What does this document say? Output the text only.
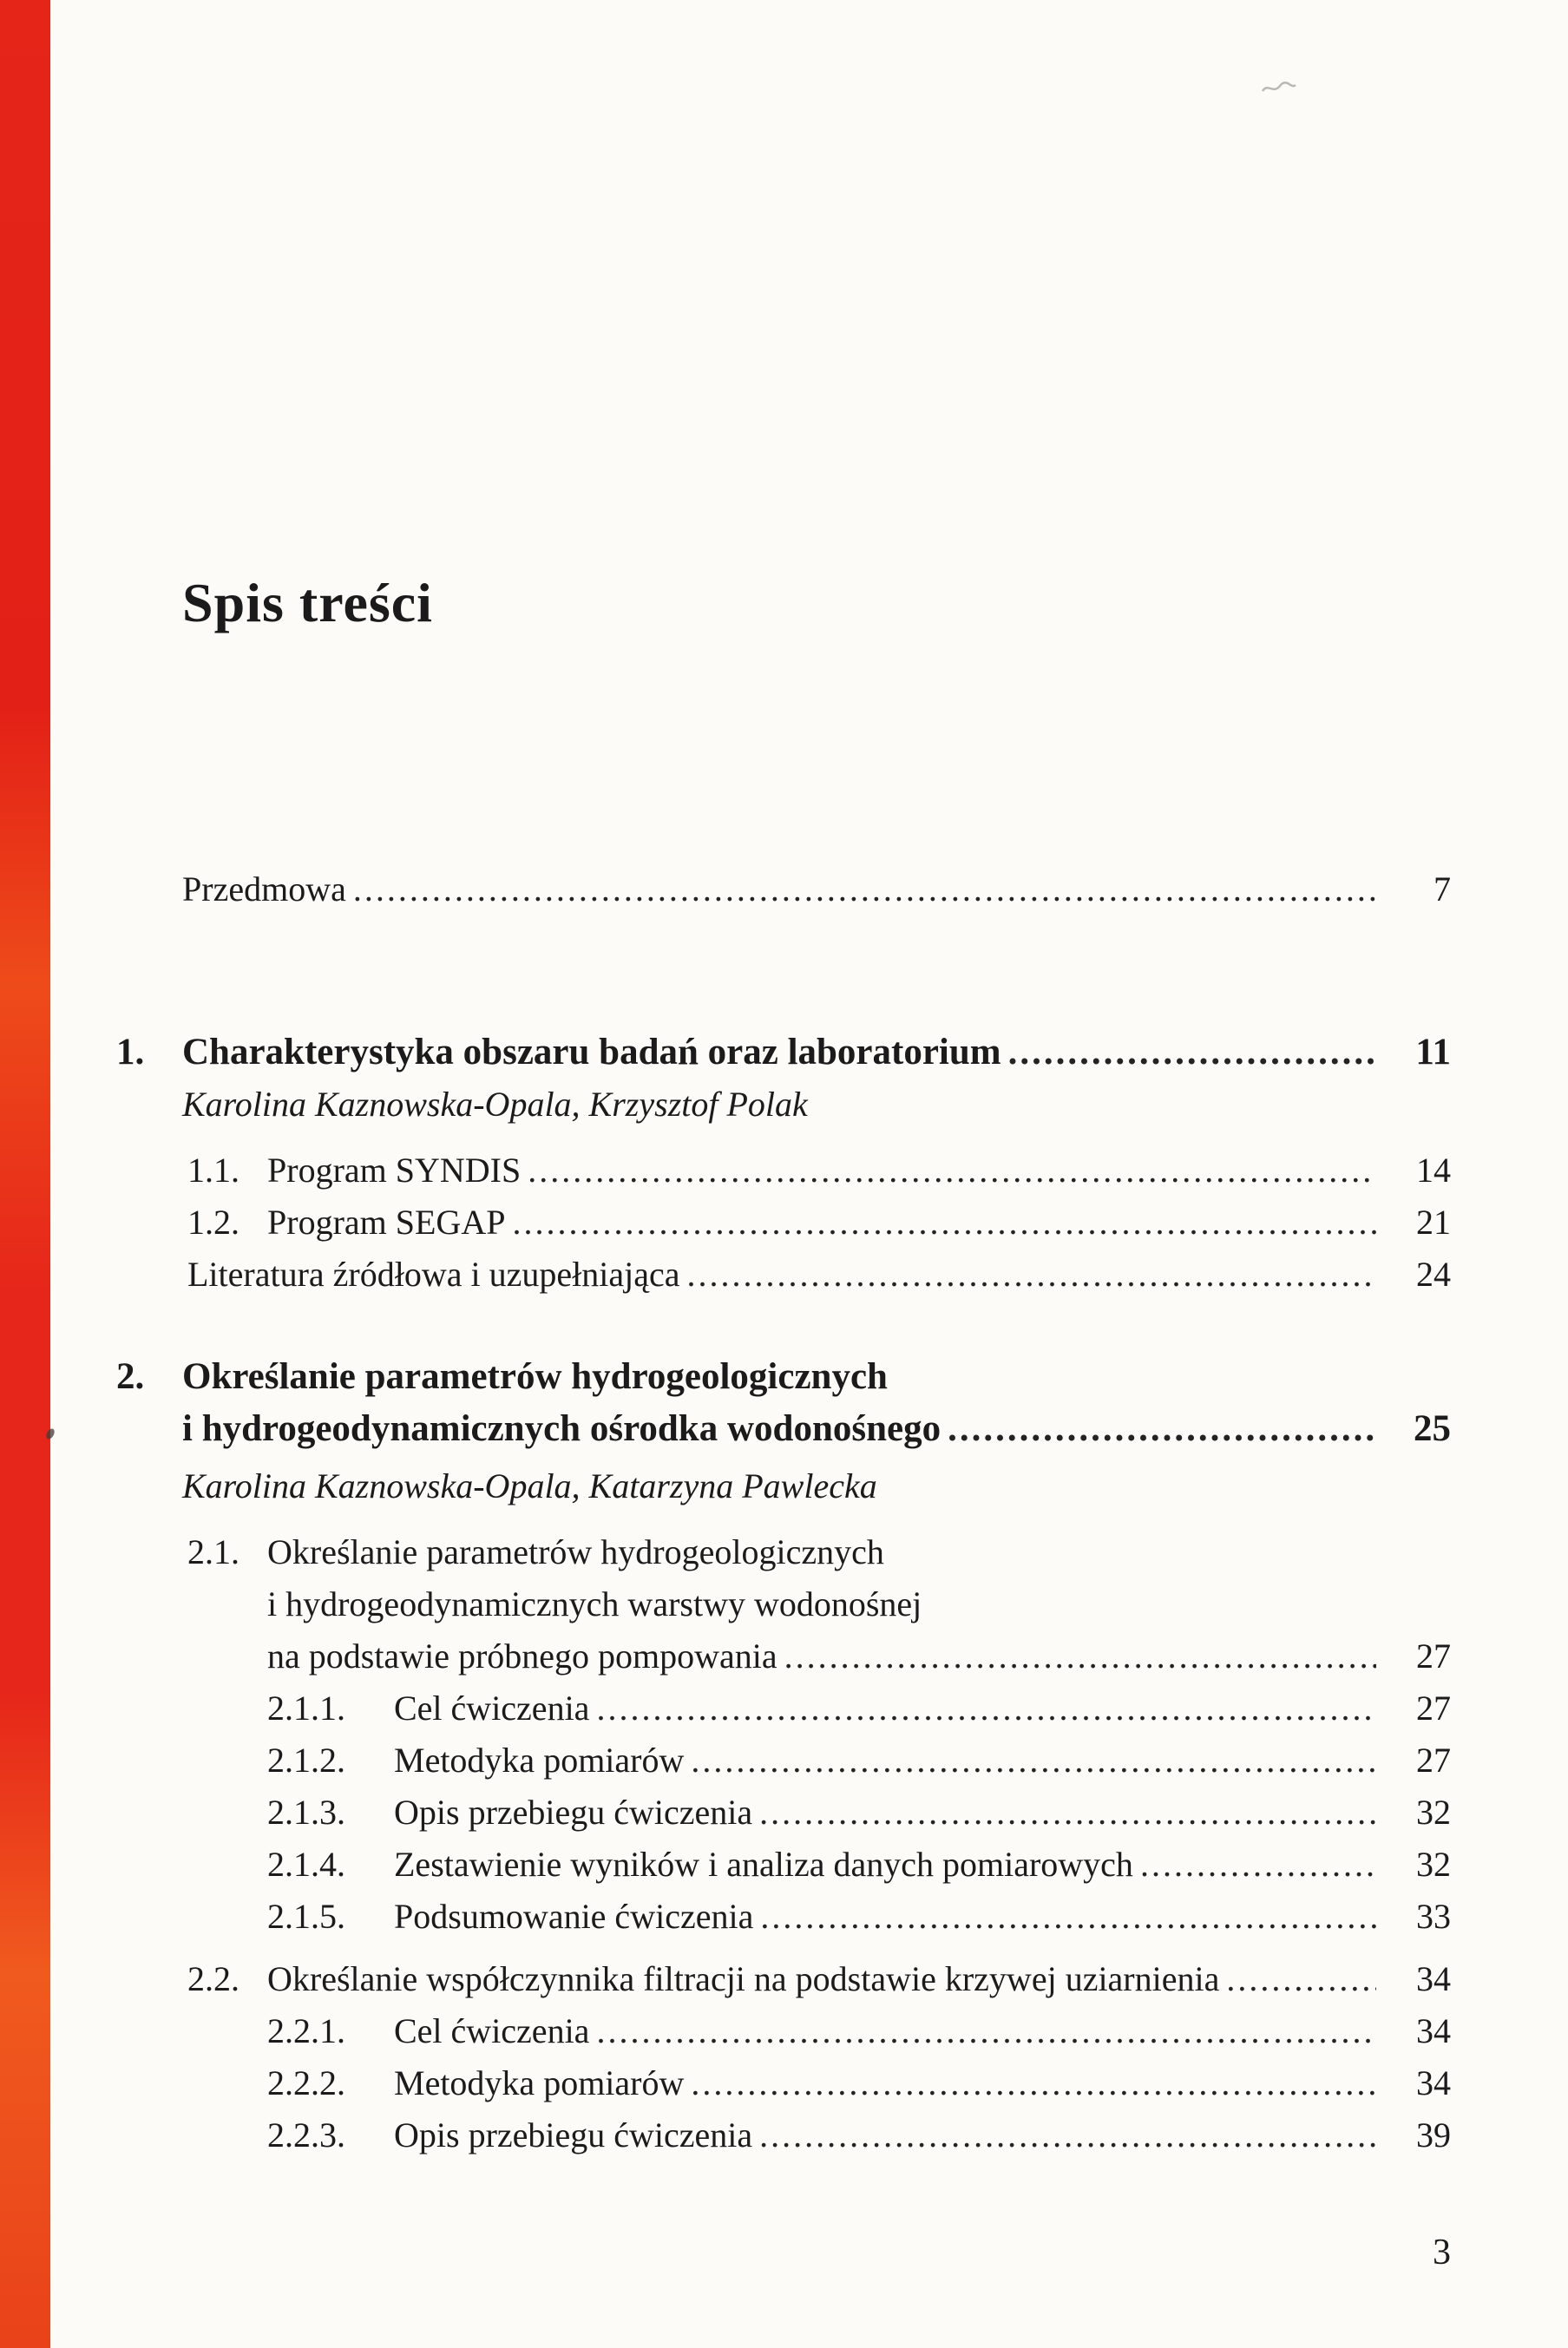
Spis treści
Przedmowa .....	7
1. Charakterystyka obszaru badań oraz laboratorium .....	11
Karolina Kaznowska-Opala, Krzysztof Polak
1.1. Program SYNDIS .....	14
1.2. Program SEGAP .....	21
Literatura źródłowa i uzupełniająca .....	24
2. Określanie parametrów hydrogeologicznych
i hydrogeodynamicznych ośrodka wodonośnego .....	25
Karolina Kaznowska-Opala, Katarzyna Pawlecka
2.1. Określanie parametrów hydrogeologicznych
i hydrogeodynamicznych warstwy wodonośnej
na podstawie próbnego pompowania .....	27
2.1.1.	Cel ćwiczenia .....	27
2.1.2.	Metodyka pomiarów .....	27
2.1.3.	Opis przebiegu ćwiczenia .....	32
2.1.4.	Zestawienie wyników i analiza danych pomiarowych .....	32
2.1.5.	Podsumowanie ćwiczenia .....	33
2.2. Określanie współczynnika filtracji na podstawie krzywej uziarnienia .....	34
2.2.1.	Cel ćwiczenia .....	34
2.2.2.	Metodyka pomiarów .....	34
2.2.3.	Opis przebiegu ćwiczenia .....	39
3
